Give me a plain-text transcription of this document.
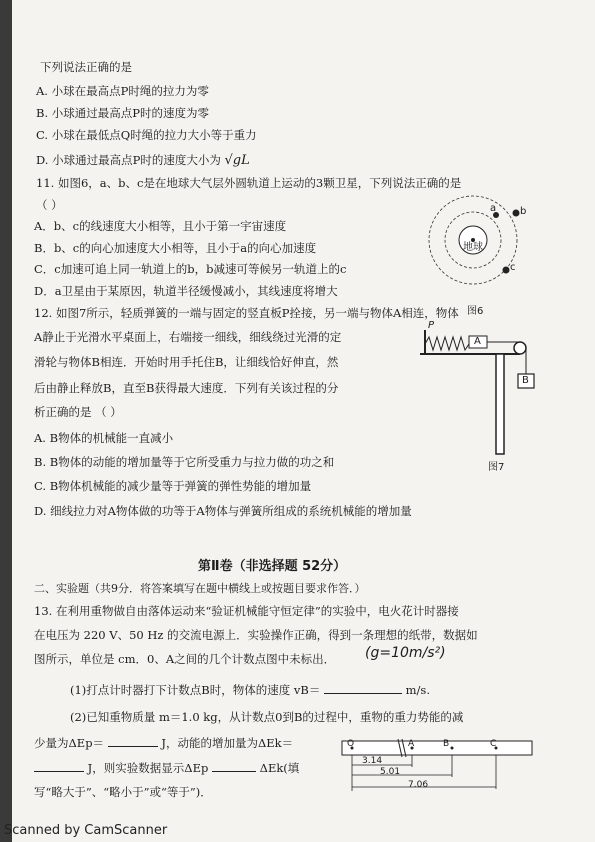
下列说法正确的是
A. 小球在最高点P时绳的拉力为零
B. 小球通过最高点P时的速度为零
C. 小球在最低点Q时绳的拉力大小等于重力
D. 小球通过最高点P时的速度大小为 √gL
11. 如图6，a、b、c是在地球大气层外圆轨道上运动的3颗卫星，下列说法正确的是
（ ）
A．b、c的线速度大小相等，且小于第一宇宙速度
B．b、c的向心加速度大小相等，且小于a的向心加速度
C．c加速可追上同一轨道上的b，b减速可等候另一轨道上的c
D．a卫星由于某原因，轨道半径缓慢减小，其线速度将增大
a b
c
地球
图6
12. 如图7所示，轻质弹簧的一端与固定的竖直板P拴接，另一端与物体A相连，物体
A静止于光滑水平桌面上，右端接一细线，细线绕过光滑的定
滑轮与物体B相连．开始时用手托住B，让细线恰好伸直，然
后由静止释放B，直至B获得最大速度．下列有关该过程的分
析正确的是 （ ）
A. B物体的机械能一直减小
B. B物体的动能的增加量等于它所受重力与拉力做的功之和
C. B物体机械能的减少量等于弹簧的弹性势能的增加量
D. 细线拉力对A物体做的功等于A物体与弹簧所组成的系统机械能的增加量
P
A
B
图7
第Ⅱ卷（非选择题 52分）
二、实验题（共9分．将答案填写在题中横线上或按题目要求作答．）
13. 在利用重物做自由落体运动来“验证机械能守恒定律”的实验中，电火花计时器接
在电压为 220 V、50 Hz 的交流电源上．实验操作正确，得到一条理想的纸带，数据如
图所示，单位是 cm．0、A之间的几个计数点图中未标出． (g=10m/s²)
(1)打点计时器打下计数点B时，物体的速度 vB＝	m/s.
(2)已知重物质量 m＝1.0 kg，从计数点0到B的过程中，重物的重力势能的减
少量为ΔEp＝	J，动能的增加量为ΔEk＝
J，则实验数据显示ΔEp	ΔEk(填
写“略大于”、“略小于”或“等于”)．
O	A	B	C
3.14
5.01
7.06
Scanned by CamScanner
